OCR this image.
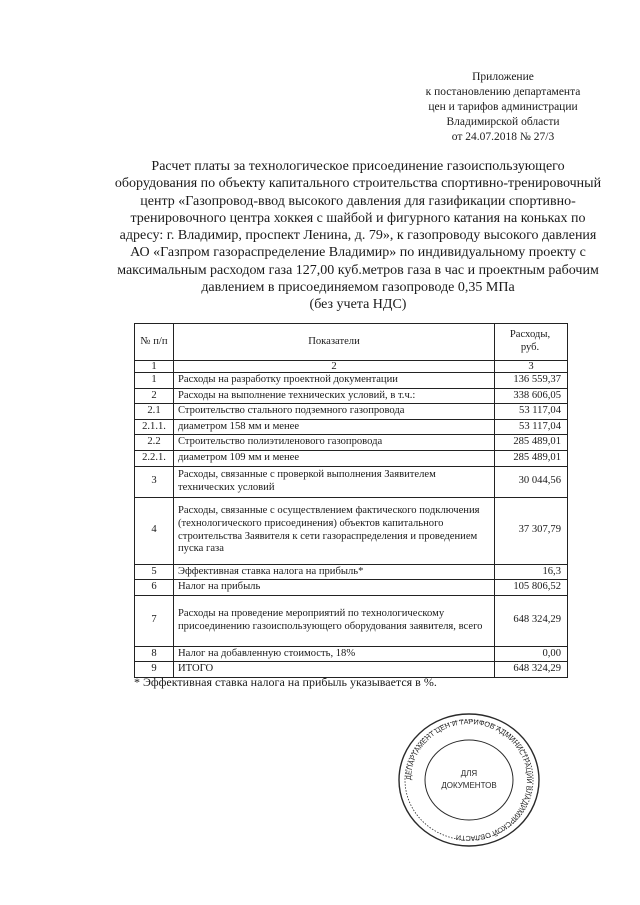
Приложение
к постановлению департамента
цен и тарифов администрации
Владимирской области
от 24.07.2018 № 27/3
Расчет платы за технологическое присоединение газоиспользующего
оборудования по объекту капитального строительства спортивно-тренировочный
центр «Газопровод-ввод высокого давления для газификации спортивно-
тренировочного центра хоккея с шайбой и фигурного катания на коньках по
адресу: г. Владимир, проспект Ленина, д. 79», к газопроводу высокого давления
АО «Газпром газораспределение Владимир» по индивидуальному проекту с
максимальным расходом газа 127,00 куб.метров газа в час и проектным рабочим
давлением в присоединяемом газопроводе 0,35 МПа
(без учета НДС)
№ п/п	Показатели	Расходы,
руб.

1	2	3
1	Расходы на разработку проектной документации	136 559,37
2	Расходы на выполнение технических условий, в т.ч.:	338 606,05
2.1	Строительство стального подземного газопровода	53 117,04
2.1.1.	диаметром 158 мм и менее	53 117,04
2.2	Строительство полиэтиленового газопровода	285 489,01
2.2.1.	диаметром 109 мм и менее	285 489,01
3	Расходы, связанные с проверкой выполнения Заявителем технических условий	30 044,56
4	Расходы, связанные с осуществлением фактического подключения (технологического присоединения) объектов капитального строительства Заявителя к сети газораспределения и проведением пуска газа	37 307,79
5	Эффективная ставка налога на прибыль*	16,3
6	Налог на прибыль	105 806,52
7	Расходы на проведение мероприятий по технологическому присоединению газоиспользующего оборудования заявителя, всего	648 324,29
8	Налог на добавленную стоимость, 18%	0,00
9	ИТОГО	648 324,29
* Эффективная ставка налога на прибыль указывается в %.
ДЕПАРТАМЕНТ ЦЕН И ТАРИФОВ АДМИНИСТРАЦИИ ВЛАДИМИРСКОЙ ОБЛАСТИ
ДЛЯ
ДОКУМЕНТОВ
